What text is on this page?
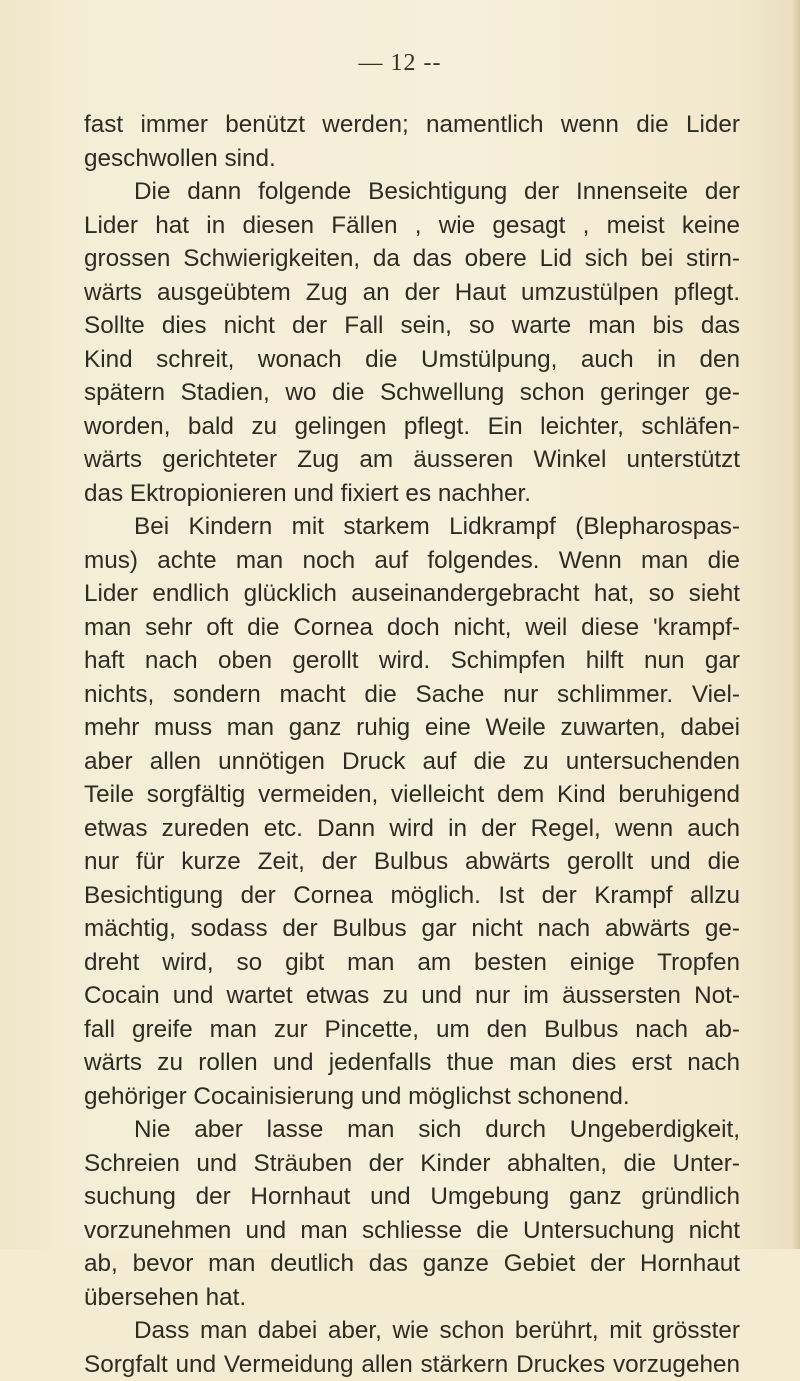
— 12 --
fast immer benützt werden; namentlich wenn die Lider
geschwollen sind.
Die dann folgende Besichtigung der Innenseite der
Lider hat in diesen Fällen , wie gesagt , meist keine
grossen Schwierigkeiten, da das obere Lid sich bei stirn-
wärts ausgeübtem Zug an der Haut umzustülpen pflegt.
Sollte dies nicht der Fall sein, so warte man bis das
Kind schreit, wonach die Umstülpung, auch in den
spätern Stadien, wo die Schwellung schon geringer ge-
worden, bald zu gelingen pflegt. Ein leichter, schläfen-
wärts gerichteter Zug am äusseren Winkel unterstützt
das Ektropionieren und fixiert es nachher.
Bei Kindern mit starkem Lidkrampf (Blepharospas-
mus) achte man noch auf folgendes. Wenn man die
Lider endlich glücklich auseinandergebracht hat, so sieht
man sehr oft die Cornea doch nicht, weil diese 'krampf-
haft nach oben gerollt wird. Schimpfen hilft nun gar
nichts, sondern macht die Sache nur schlimmer. Viel-
mehr muss man ganz ruhig eine Weile zuwarten, dabei
aber allen unnötigen Druck auf die zu untersuchenden
Teile sorgfältig vermeiden, vielleicht dem Kind beruhigend
etwas zureden etc. Dann wird in der Regel, wenn auch
nur für kurze Zeit, der Bulbus abwärts gerollt und die
Besichtigung der Cornea möglich. Ist der Krampf allzu
mächtig, sodass der Bulbus gar nicht nach abwärts ge-
dreht wird, so gibt man am besten einige Tropfen
Cocain und wartet etwas zu und nur im äussersten Not-
fall greife man zur Pincette, um den Bulbus nach ab-
wärts zu rollen und jedenfalls thue man dies erst nach
gehöriger Cocainisierung und möglichst schonend.
Nie aber lasse man sich durch Ungeberdigkeit,
Schreien und Sträuben der Kinder abhalten, die Unter-
suchung der Hornhaut und Umgebung ganz gründlich
vorzunehmen und man schliesse die Untersuchung nicht
ab, bevor man deutlich das ganze Gebiet der Hornhaut
übersehen hat.
Dass man dabei aber, wie schon berührt, mit grösster
Sorgfalt und Vermeidung allen stärkern Druckes vorzugehen
